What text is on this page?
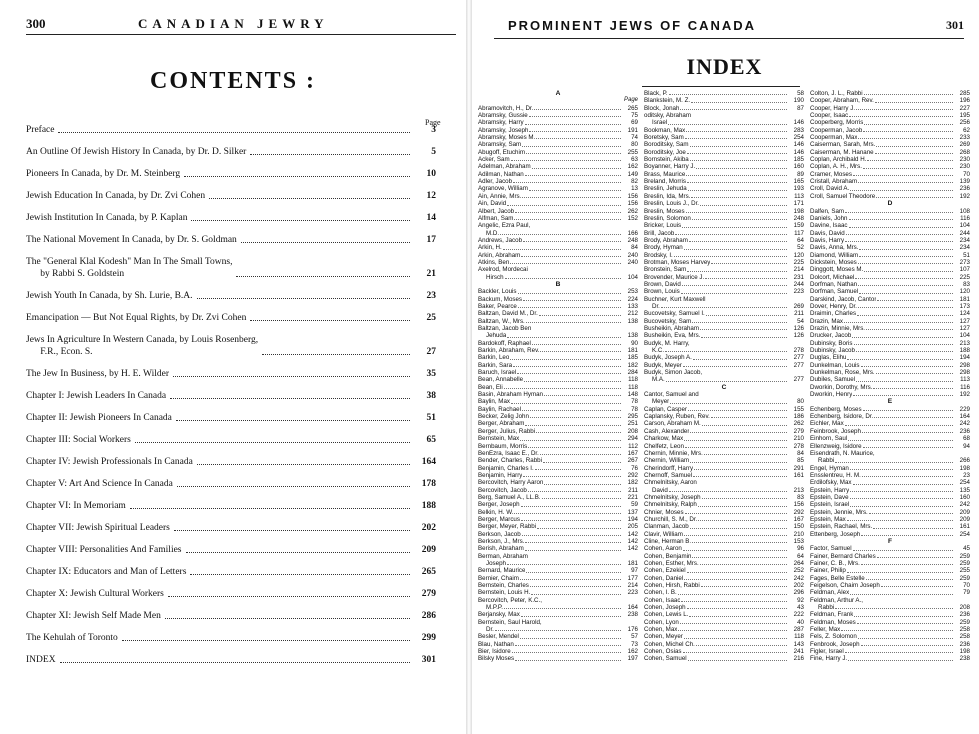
300	CANADIAN JEWRY
CONTENTS :
Page
Preface	3
An Outline Of Jewish History In Canada, by Dr. D. Silker	5
Pioneers In Canada, by Dr. M. Steinberg	10
Jewish Education In Canada, by Dr. Zvi Cohen	12
Jewish Institution In Canada, by P. Kaplan	14
The National Movement In Canada, by Dr. S. Goldman	17
The "General Klal Kodesh" Man In The Small Towns,
by Rabbi S. Goldstein	21
Jewish Youth In Canada, by Sh. Lurie, B.A.	23
Emancipation — But Not Equal Rights, by Dr. Zvi Cohen	25
Jews In Agriculture In Western Canada, by Louis Rosenberg,
F.R., Econ. S.	27
The Jew In Business, by H. E. Wilder	35
Chapter I: Jewish Leaders In Canada	38
Chapter II: Jewish Pioneers In Canada	51
Chapter III: Social Workers	65
Chapter IV: Jewish Professionals In Canada	164
Chapter V: Art And Science In Canada	178
Chapter VI: In Memoriam	188
Chapter VII: Jewish Spiritual Leaders	202
Chapter VIII: Personalities And Families	209
Chapter IX: Educators and Man of Letters	265
Chapter X: Jewish Cultural Workers	279
Chapter XI: Jewish Self Made Men	286
The Kehulah of Toronto	299
INDEX	301
PROMINENT JEWS OF CANADA	301
INDEX
A
Page
Abramovitch, H., Dr.	265
Abramsky, Gussie	75
Abramsky, Harry	69
Abramsky, Joseph	191
Abramsky, Moses M.	74
Abramsky, Sam	80
Abugoff, Etuchim	255
Acker, Sam	63
Adelman, Abraham	162
Adilman, Nathan	149
Adler, Jacob	82
Agranove, William	13
Ain, Annie, Mrs.	156
Ain, David	156
Albert, Jacob	262
Alfman, Sam	152
Angelic, Ezra Paul,
M.D.	166
Andrews, Jacob	248
Arkin, H.	84
Arkin, Abraham	240
Atkins, Ben	240
Axelrod, Mordecai
Hirsch	104
B
Backler, Louis	253
Backum, Moses	224
Baker, Pearce	133
Baltzan, David M., Dr.	212
Baltzan, W., Mrs.	138
Baltzan, Jacob Ben
Jehuda	138
Bardokoff, Raphael	90
Barkin, Abraham, Rev.	181
Barkin, Leo	185
Barkin, Sara	182
Baruch, Israel	284
Bean, Annabelle	118
Bean, Eli	118
Basin, Abraham Hyman	148
Baylin, Max	78
Baylin, Rachael	78
Becker, Zelig John	295
Berger, Abraham	251
Berger, Julius, Rabbi	208
Bernstein, Max	294
Bernbaum, Morris	112
BenEzra, Isaac E., Dr.	167
Bender, Charles, Rabbi	267
Benjamin, Charles I.	76
Benjamin, Harry	292
Bercovitch, Harry Aaron	182
Bercovitch, Jacob	211
Berg, Samuel A., LL.B.	221
Berger, Joseph	59
Belkin, H. W.	137
Berger, Marcus	194
Berger, Meyer, Rabbi	205
Berkson, Jacob	142
Berkson, J., Mrs.	142
Berish, Abraham	142
Berman, Abraham
Joseph	181
Bernard, Maurice	97
Bernier, Chaim	177
Bernstein, Charles	214
Bernstein, Louis H.	223
Bercovitch, Peter, K.C.,
M.P.P.	164
Berjansky, Max	238
Bernstein, Saul Harold,
Dr.	176
Besler, Mendel	57
Blau, Nathan	73
Bier, Isidore	162
Bilsky Moses	197
Black, P.	58
Blankstein, M. Z.	190
Block, Jonah	87
oditsky, Abraham
Israel	146
Bookman, Max	283
Boretsky, Sam	254
Boroditsky, Sam	146
Boroditsky, Joe	146
Bornstein, Akiba	185
Boyanner, Harry J.	160
Brass, Maurice	89
Breland, Morris	165
Breslin, Jehuda	193
Breslin, Ida, Mrs.	113
Breslin, Louis J., Dr.	171
Breslin, Moses	198
Breslin, Solomon	248
Bricker, Louis	159
Brill, Jacob	117
Brody, Abraham	64
Brody, Hyman	52
Brodsky, I.	120
Brotman, Moses Harvey	225
Bronstein, Sam	214
Brovender, Maurice J.	231
Brown, David	244
Brown, Louis	223
Buchner, Kurt Maxwell
Dr.	269
Bucovetsky, Samuel I.	211
Bucovetsky, Sam	54
Busheikin, Abraham	126
Busheikin, Eva, Mrs.	126
Budyk, M. Harry,
K.C.	278
Budyk, Joseph A.	277
Budyk, Meyer	277
Budyk, Simon Jacob,
M.A.	277
C
Cantor, Samuel and
Meyer	80
Caplan, Casper	155
Caplansky, Ruben, Rev.	186
Carson, Abraham M.	262
Cash, Alexander	279
Charkow, Max	210
Chelfetz, Leon	278
Chernin, Minnie, Mrs.	84
Chernin, William	85
Cherindorff, Harry	291
Chernoff, Samuel	161
Chmelnitsky, Aaron
David	213
Chmelnitsky, Joseph	83
Chmelnitsky, Ralph	156
Chnier, Moses	292
Churchill, S. M., Dr.	167
Clanman, Jacob	150
Clavir, William	210
Cline, Herman B.	153
Cohen, Aaron	96
Cohen, Benjamin	64
Cohen, Esther, Mrs.	264
Cohen, Ezekiel	252
Cohen, Daniel	242
Cohen, Hirsh, Rabbi	202
Cohen, I. B.	296
Cohen, Isaac	92
Cohen, Joseph	43
Cohen, Lewis L.	222
Cohen, Lyon	40
Cohen, Max	287
Cohen, Meyer	118
Cohen, Michel Ch.	143
Cohen, Osias	241
Cohen, Samuel	216
Colton, J. L., Rabbi	285
Cooper, Abraham, Rev.	196
Cooper, Harry J.	227
Cooper, Isaac	195
Cooperberg, Morris	256
Cooperman, Jacob	62
Cooperman, Max	233
Caiserman, Sarah, Mrs.	269
Caiserman, M. Hanane	268
Coplan, Archibald H.	230
Coplan, A. H., Mrs.	230
Cramer, Moses	70
Cristall, Abraham	139
Croll, David A.	236
Croll, Samuel Theodore	192
D
Dalfen, Sam	108
Daniels, John	116
Davine, Isaac	104
Davis, David	244
Davis, Harry	234
Davis, Anna, Mrs.	234
Diamond, William	51
Dickstein, Moses	273
Dinggott, Moses M.	107
Dolcort, Michael	225
Dorfman, Nathan	83
Dorfman, Samuel	120
Darskind, Jacob, Cantor	181
Dover, Henry, Dr.	173
Draimin, Charles	124
Drazin, Max	127
Drazin, Minnie, Mrs.	127
Drucker, Jacob	104
Dubinsky, Boris	213
Dubinsky, Jacob	188
Duglas, Elihu	194
Dunkelman, Louis	298
Dunkelman, Rose, Mrs.	298
Dubiles, Samuel	113
Dworkin, Dorothy, Mrs.	116
Dworkin, Henry	192
E
Echenberg, Moses	229
Echenberg, Isidore, Dr.	164
Eichler, Max	242
Feinbrook, Joseph	236
Einhorn, Saul	68
Ellenzweig, Isidore	94
Eisendrath, N. Maurice,
Rabbi	266
Engel, Hyman	198
Ensslentreu, H. M.	23
Erdilofsky, Max	254
Epstein, Harry	135
Epstein, Dave	160
Epstein, Israel	242
Epstein, Jennie, Mrs.	209
Epstein, Max	209
Epstein, Rachael, Mrs.	161
Ettenberg, Joseph	254
F
Factor, Samuel	45
Fainer, Bernard Charles	259
Fainer, C. B., Mrs.	259
Fainer, Philip	255
Fages, Belle Estelle	259
Feigelson, Chaim Joseph	70
Feldman, Alex	79
Feldman, Arthur A.,
Rabbi	208
Feldman, Frank	236
Feldman, Moses	259
Feller, Max	258
Fels, Z. Solomon	258
Fenbrook, Joseph	236
Figler, Israel	198
Fine, Harry J.	238
